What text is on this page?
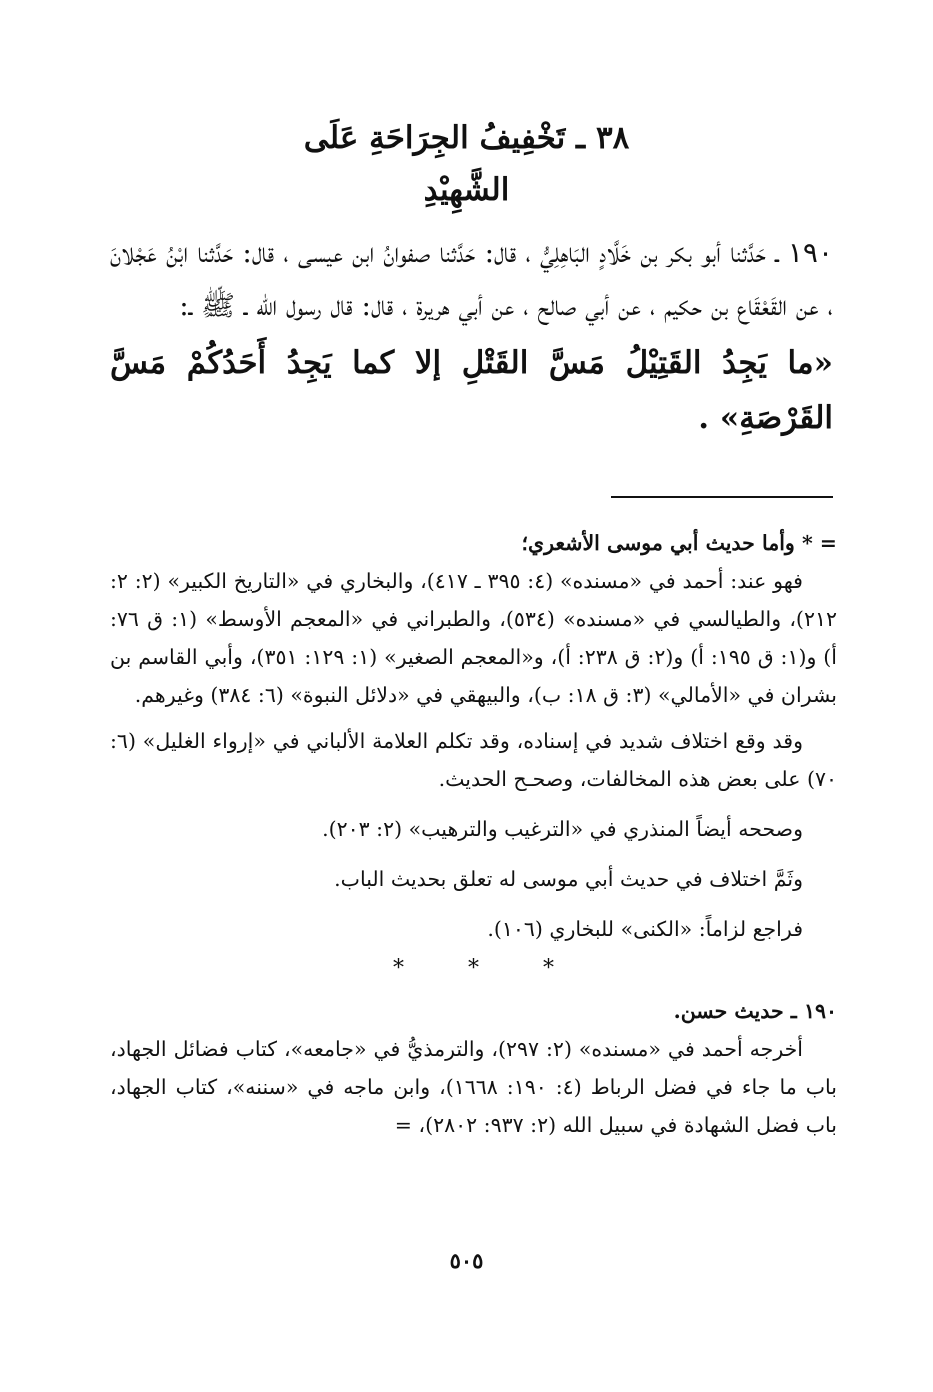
٣٨ ـ تَخْفِيفُ الجِرَاحَةِ عَلَى
الشَّهِيْدِ

١٩٠ ـ حَدَّثنا أبو بكر بن خَلَّادٍ البَاهِلِيُّ ، قال: حَدَّثنا صفوانُ ابن عيسى ، قال: حَدَّثنا ابْنُ عَجْلانَ ، عن القَعْقَاع بن حكيم ، عن أبي صالح ، عن أبي هريرة ، قال: قال رسول الله ـ ﷺ ـ:

«ما يَجِدُ القَتِيْلُ مَسَّ القَتْلِ إلا كما يَجِدُ أَحَدُكُمْ مَسَّ القَرْصَةِ» .

= * وأما حديث أبي موسى الأشعري؛

فهو عند: أحمد في «مسنده» (٤: ٣٩٥ ـ ٤١٧)، والبخاري في «التاريخ الكبير» (٢: ٢: ٢١٢)، والطيالسي في «مسنده» (٥٣٤)، والطبراني في «المعجم الأوسط» (١: ق ٧٦: أ) و(١: ق ١٩٥: أ) و(٢: ق ٢٣٨: أ)، و«المعجم الصغير» (١: ١٢٩: ٣٥١)، وأبي القاسم بن بشران في «الأمالي» (٣: ق ١٨: ب)، والبيهقي في «دلائل النبوة» (٦: ٣٨٤) وغيرهم.

وقد وقع اختلاف شديد في إسناده، وقد تكلم العلامة الألباني في «إرواء الغليل» (٦: ٧٠) على بعض هذه المخالفات، وصحـح الحديث.

وصححه أيضاً المنذري في «الترغيب والترهيب» (٢: ٢٠٣).

وثَمَّ اختلاف في حديث أبي موسى له تعلق بحديث الباب.

فراجع لزاماً: «الكنى» للبخاري (١٠٦).

*
*
*

١٩٠ ـ حديث حسن.

أخرجه أحمد في «مسنده» (٢: ٢٩٧)، والترمذيُّ في «جامعه»، كتاب فضائل الجهاد، باب ما جاء في فضل الرباط (٤: ١٩٠: ١٦٦٨)، وابن ماجه في «سننه»، كتاب الجهاد، باب فضل الشهادة في سبيل الله (٢: ٩٣٧: ٢٨٠٢)، =

٥٠٥
